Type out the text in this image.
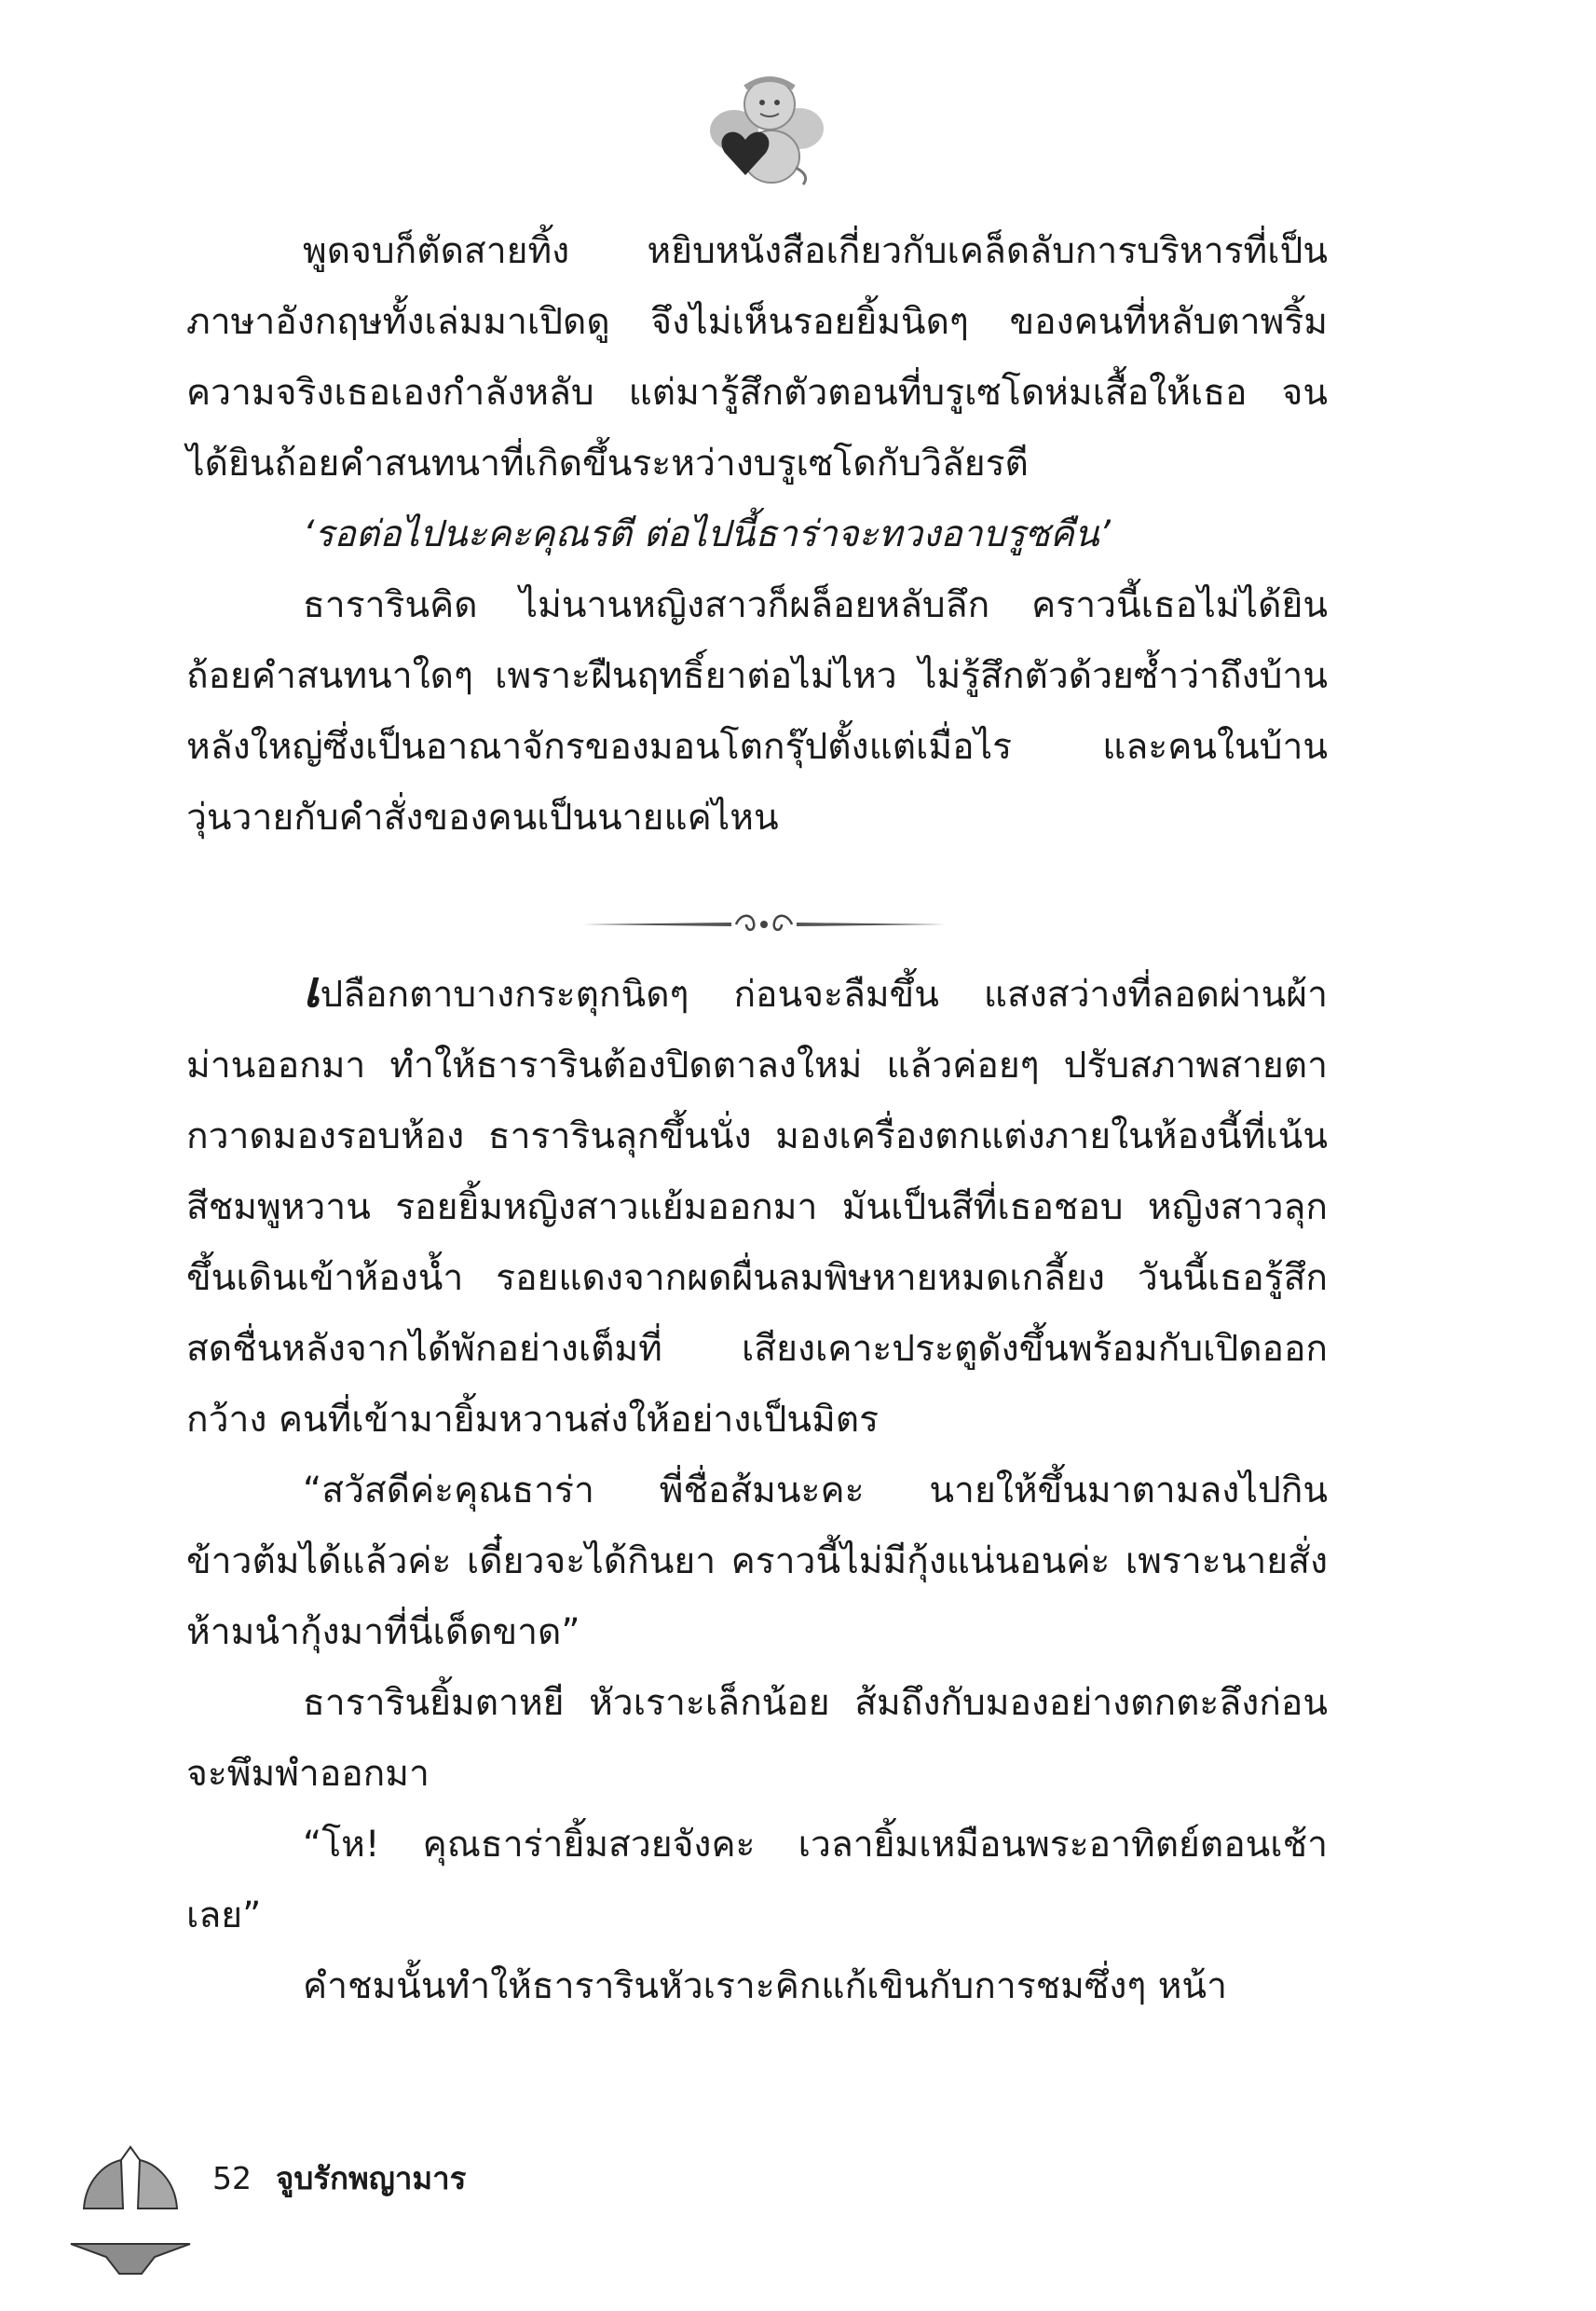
พูดจบก็ตัดสายทิ้ง หยิบหนังสือเกี่ยวกับเคล็ดลับการบริหารที่เป็นภาษาอังกฤษทั้งเล่มมาเปิดดู จึงไม่เห็นรอยยิ้มนิดๆ ของคนที่หลับตาพริ้ม ความจริงเธอเองกำลังหลับ แต่มารู้สึกตัวตอนที่บรูเซโดห่มเสื้อให้เธอ จนได้ยินถ้อยคำสนทนาที่เกิดขึ้นระหว่างบรูเซโดกับวิลัยรตี

‘รอต่อไปนะคะคุณรตี ต่อไปนี้ธาร่าจะทวงอาบรูซคืน’

ธารารินคิด ไม่นานหญิงสาวก็ผล็อยหลับลึก คราวนี้เธอไม่ได้ยินถ้อยคำสนทนาใดๆ เพราะฝืนฤทธิ์ยาต่อไม่ไหว ไม่รู้สึกตัวด้วยซ้ำว่าถึงบ้านหลังใหญ่ซึ่งเป็นอาณาจักรของมอนโตกรุ๊ปตั้งแต่เมื่อไร และคนในบ้านวุ่นวายกับคำสั่งของคนเป็นนายแค่ไหน

เปลือกตาบางกระตุกนิดๆ ก่อนจะลืมขึ้น แสงสว่างที่ลอดผ่านผ้าม่านออกมา ทำให้ธารารินต้องปิดตาลงใหม่ แล้วค่อยๆ ปรับสภาพสายตากวาดมองรอบห้อง ธารารินลุกขึ้นนั่ง มองเครื่องตกแต่งภายในห้องนี้ที่เน้นสีชมพูหวาน รอยยิ้มหญิงสาวแย้มออกมา มันเป็นสีที่เธอชอบ หญิงสาวลุกขึ้นเดินเข้าห้องน้ำ รอยแดงจากผดผื่นลมพิษหายหมดเกลี้ยง วันนี้เธอรู้สึกสดชื่นหลังจากได้พักอย่างเต็มที่ เสียงเคาะประตูดังขึ้นพร้อมกับเปิดออกกว้าง คนที่เข้ามายิ้มหวานส่งให้อย่างเป็นมิตร

“สวัสดีค่ะคุณธาร่า พี่ชื่อส้มนะคะ นายให้ขึ้นมาตามลงไปกินข้าวต้มได้แล้วค่ะ เดี๋ยวจะได้กินยา คราวนี้ไม่มีกุ้งแน่นอนค่ะ เพราะนายสั่งห้ามนำกุ้งมาที่นี่เด็ดขาด”

ธารารินยิ้มตาหยี หัวเราะเล็กน้อย ส้มถึงกับมองอย่างตกตะลึงก่อนจะพึมพำออกมา

“โห! คุณธาร่ายิ้มสวยจังคะ เวลายิ้มเหมือนพระอาทิตย์ตอนเช้าเลย”

คำชมนั้นทำให้ธารารินหัวเราะคิกแก้เขินกับการชมซึ่งๆ หน้า

52 จูบรักพญามาร
